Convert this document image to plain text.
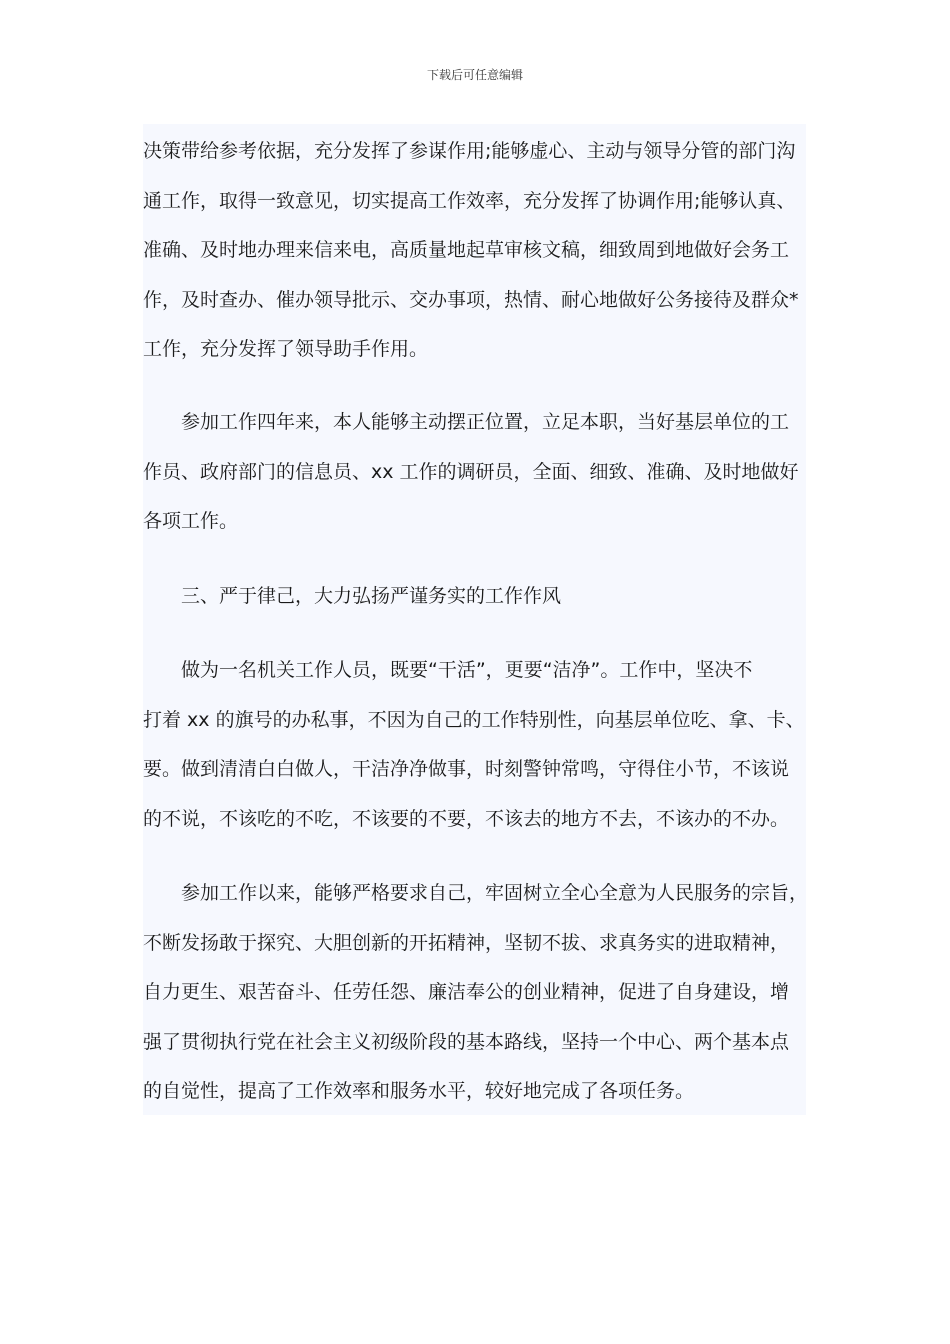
下载后可任意编辑
决策带给参考依据，充分发挥了参谋作用;能够虚心、主动与领导分管的部门沟
通工作，取得一致意见，切实提高工作效率，充分发挥了协调作用;能够认真、
准确、及时地办理来信来电，高质量地起草审核文稿，细致周到地做好会务工
作，及时查办、催办领导批示、交办事项，热情、耐心地做好公务接待及群众*
工作，充分发挥了领导助手作用。
参加工作四年来，本人能够主动摆正位置，立足本职，当好基层单位的工
作员、政府部门的信息员、xx 工作的调研员，全面、细致、准确、及时地做好
各项工作。
三、严于律己，大力弘扬严谨务实的工作作风
做为一名机关工作人员，既要“干活”，更要“洁净”。工作中，坚决不
打着 xx 的旗号的办私事，不因为自己的工作特别性，向基层单位吃、拿、卡、
要。做到清清白白做人，干洁净净做事，时刻警钟常鸣，守得住小节，不该说
的不说，不该吃的不吃，不该要的不要，不该去的地方不去，不该办的不办。
参加工作以来，能够严格要求自己，牢固树立全心全意为人民服务的宗旨，
不断发扬敢于探究、大胆创新的开拓精神，坚韧不拔、求真务实的进取精神，
自力更生、艰苦奋斗、任劳任怨、廉洁奉公的创业精神，促进了自身建设，增
强了贯彻执行党在社会主义初级阶段的基本路线，坚持一个中心、两个基本点
的自觉性，提高了工作效率和服务水平，较好地完成了各项任务。
